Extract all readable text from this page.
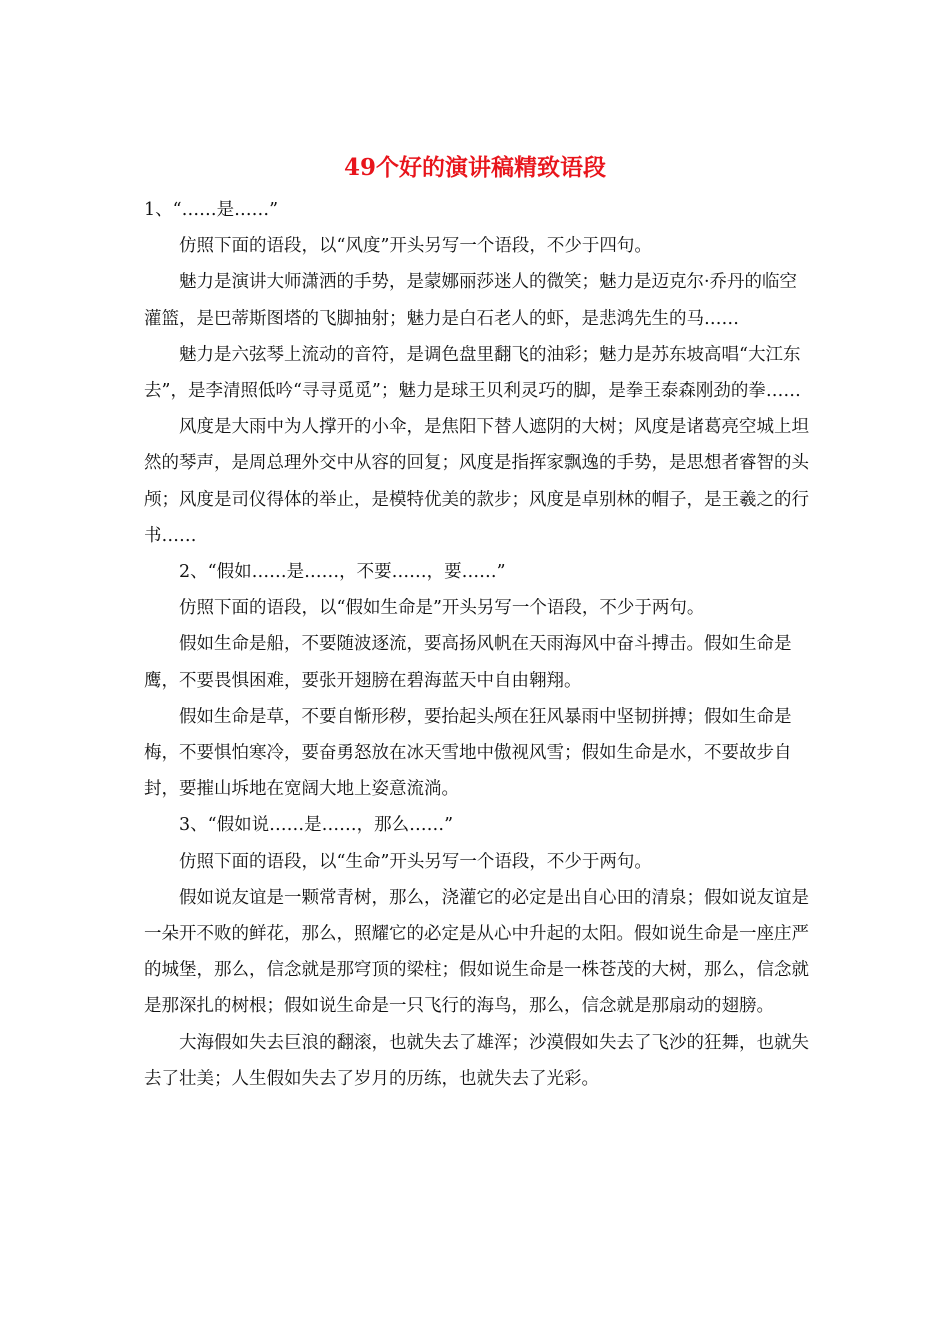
49个好的演讲稿精致语段

1、“……是……”

仿照下面的语段，以“风度”开头另写一个语段，不少于四句。

魅力是演讲大师潇洒的手势，是蒙娜丽莎迷人的微笑；魅力是迈克尔·乔丹的临空灌篮，是巴蒂斯图塔的飞脚抽射；魅力是白石老人的虾，是悲鸿先生的马……

魅力是六弦琴上流动的音符，是调色盘里翻飞的油彩；魅力是苏东坡高唱“大江东去”，是李清照低吟“寻寻觅觅”；魅力是球王贝利灵巧的脚，是拳王泰森刚劲的拳……

风度是大雨中为人撑开的小伞，是焦阳下替人遮阴的大树；风度是诸葛亮空城上坦然的琴声，是周总理外交中从容的回复；风度是指挥家飘逸的手势，是思想者睿智的头颅；风度是司仪得体的举止，是模特优美的款步；风度是卓别林的帽子，是王羲之的行书……

2、“假如……是……，不要……，要……”

仿照下面的语段，以“假如生命是”开头另写一个语段，不少于两句。

假如生命是船，不要随波逐流，要高扬风帆在天雨海风中奋斗搏击。假如生命是鹰，不要畏惧困难，要张开翅膀在碧海蓝天中自由翱翔。

假如生命是草，不要自惭形秽，要抬起头颅在狂风暴雨中坚韧拼搏；假如生命是梅，不要惧怕寒冷，要奋勇怒放在冰天雪地中傲视风雪；假如生命是水，不要故步自封，要摧山坼地在宽阔大地上姿意流淌。

3、“假如说……是……，那么……”

仿照下面的语段，以“生命”开头另写一个语段，不少于两句。

假如说友谊是一颗常青树，那么，浇灌它的必定是出自心田的清泉；假如说友谊是一朵开不败的鲜花，那么，照耀它的必定是从心中升起的太阳。假如说生命是一座庄严的城堡，那么，信念就是那穹顶的梁柱；假如说生命是一株苍茂的大树，那么，信念就是那深扎的树根；假如说生命是一只飞行的海鸟，那么，信念就是那扇动的翅膀。

大海假如失去巨浪的翻滚，也就失去了雄浑；沙漠假如失去了飞沙的狂舞，也就失去了壮美；人生假如失去了岁月的历练，也就失去了光彩。
